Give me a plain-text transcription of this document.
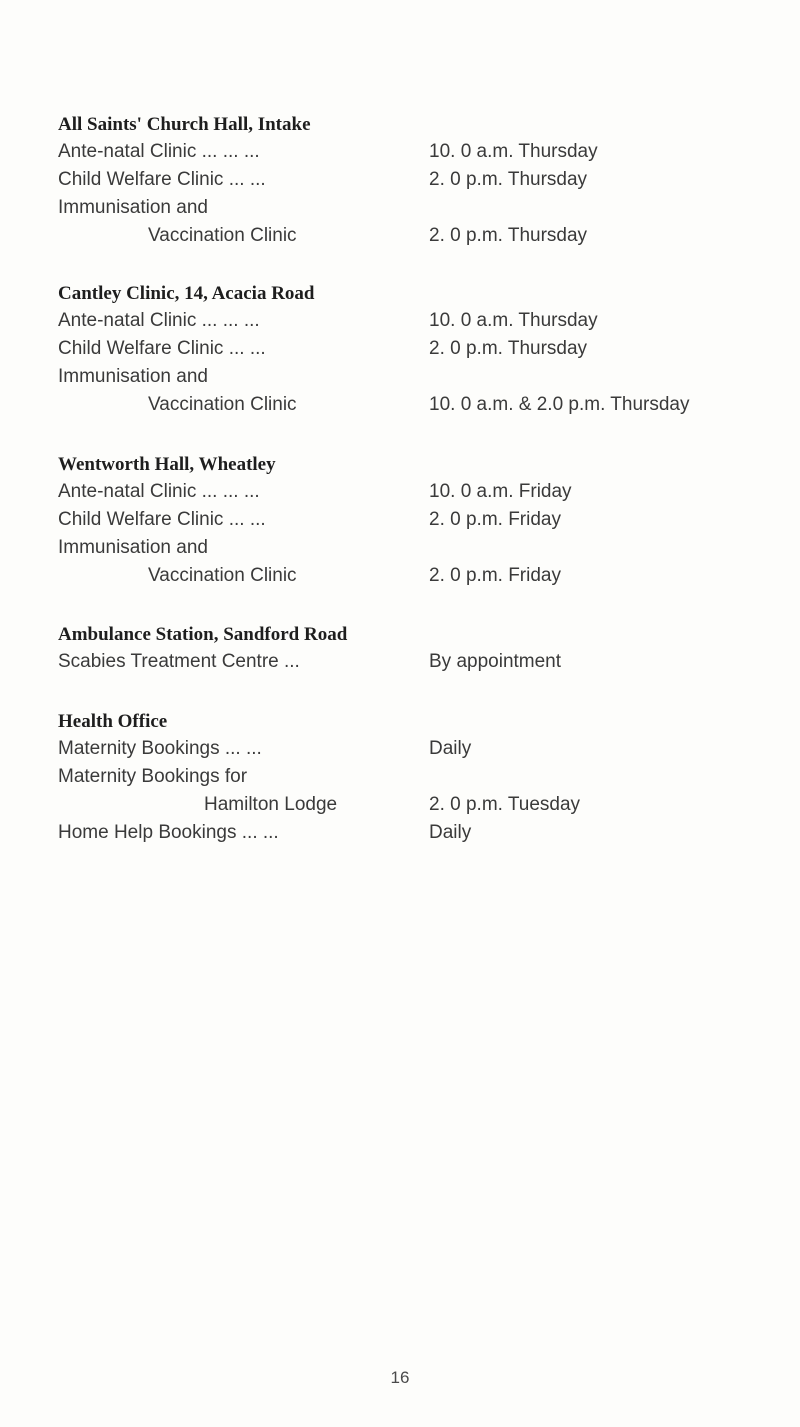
All Saints' Church Hall, Intake
Ante-natal Clinic ... ... ...	10. 0 a.m. Thursday
Child Welfare Clinic ... ...	2. 0 p.m. Thursday
Immunisation and
Vaccination Clinic	2. 0 p.m. Thursday
Cantley Clinic, 14, Acacia Road
Ante-natal Clinic ... ... ...	10. 0 a.m. Thursday
Child Welfare Clinic ... ...	2. 0 p.m. Thursday
Immunisation and
Vaccination Clinic	10. 0 a.m. & 2.0 p.m. Thursday
Wentworth Hall, Wheatley
Ante-natal Clinic ... ... ...	10. 0 a.m. Friday
Child Welfare Clinic ... ...	2. 0 p.m. Friday
Immunisation and
Vaccination Clinic	2. 0 p.m. Friday
Ambulance Station, Sandford Road
Scabies Treatment Centre ...	By appointment
Health Office
Maternity Bookings ... ...	Daily
Maternity Bookings for
Hamilton Lodge	2. 0 p.m. Tuesday
Home Help Bookings ... ...	Daily
16
